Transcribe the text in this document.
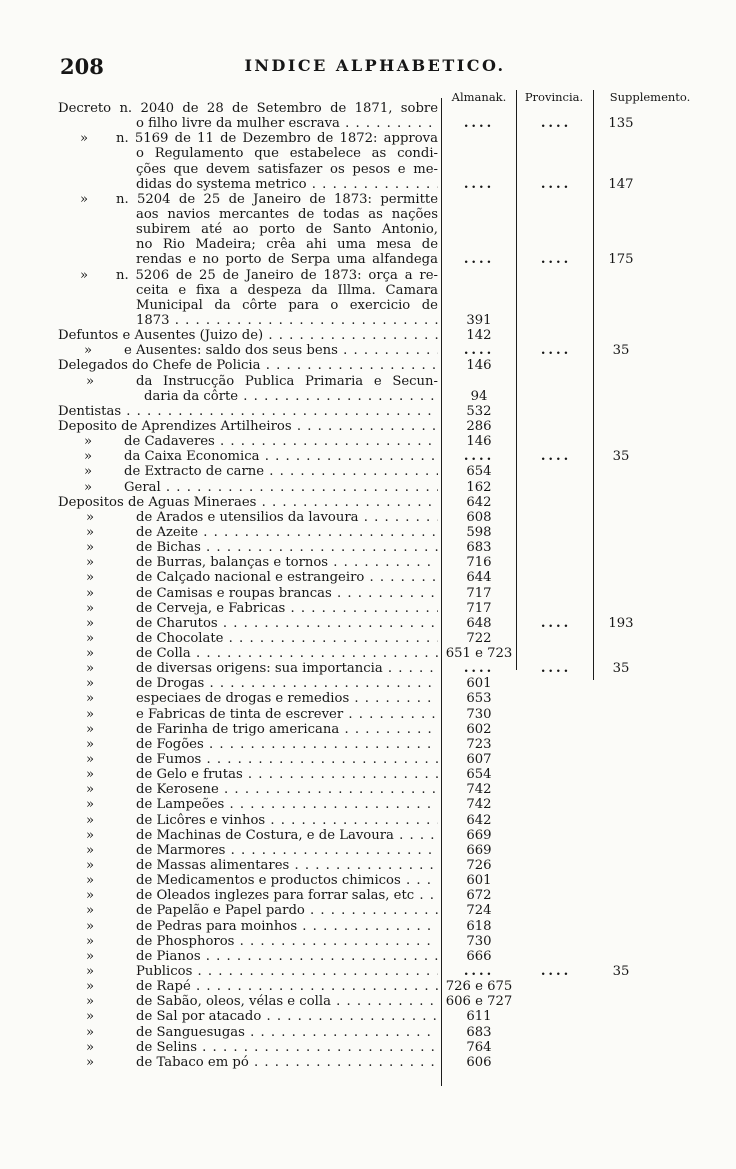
208	INDICE ALPHABETICO.
Almanak.	Provincia.	Supplemento.
Decreto n. 2040 de 28 de Setembro de 1871, sobre
o filho livre da mulher escrava . . .	....	....	135
» n. 5169 de 11 de Dezembro de 1872: approva
o Regulamento que estabelece as condi-
ções que devem satisfazer os pesos e me-
didas do systema metrico . . .	....	....	147
» n. 5204 de 25 de Janeiro de 1873: permitte
aos navios mercantes de todas as nações
subirem até ao porto de Santo Antonio,
no Rio Madeira; crêa ahi uma mesa de
rendas e no porto de Serpa uma alfandega	....	....	175
» n. 5206 de 25 de Janeiro de 1873: orça a re-
ceita e fixa a despeza da Illma. Camara
Municipal da côrte para o exercicio de
1873 . . .	391
Defuntos e Ausentes (Juizo de) . . .	142
» e Ausentes: saldo dos seus bens . . .	....	....	35
Delegados do Chefe de Policia . . .	146
»	da Instrucção Publica Primaria e Secun-
daria da côrte . . .	94
Dentistas . . .	532
Deposito de Aprendizes Artilheiros . . .	286
» de Cadaveres . . .	146
» da Caixa Economica . . .	....	....	35
» de Extracto de carne . . .	654
» Geral . . .	162
Depositos de Aguas Mineraes . . .	642
»	de Arados e utensilios da lavoura . . .	608
»	de Azeite . . .	598
»	de Bichas . . .	683
»	de Burras, balanças e tornos . . .	716
»	de Calçado nacional e estrangeiro . . .	644
»	de Camisas e roupas brancas . . .	717
»	de Cerveja, e Fabricas . . .	717
»	de Charutos . . .	648	....	193
»	de Chocolate . . .	722
»	de Colla . . .	651 e 723
»	de diversas origens: sua importancia . . .	....	....	35
»	de Drogas . . .	601
»	especiaes de drogas e remedios . . .	653
»	e Fabricas de tinta de escrever . . .	730
»	de Farinha de trigo americana . . .	602
»	de Fogões . . .	723
»	de Fumos . . .	607
»	de Gelo e frutas . . .	654
»	de Kerosene . . .	742
»	de Lampeões . . .	742
»	de Licôres e vinhos . . .	642
»	de Machinas de Costura, e de Lavoura . . .	669
»	de Marmores . . .	669
»	de Massas alimentares . . .	726
»	de Medicamentos e productos chimicos . . .	601
»	de Oleados inglezes para forrar salas, etc . . .	672
»	de Papelão e Papel pardo . . .	724
»	de Pedras para moinhos . . .	618
»	de Phosphoros . . .	730
»	de Pianos . . .	666
»	Publicos . . .	....	....	35
»	de Rapé . . .	726 e 675
»	de Sabão, oleos, vélas e colla . . .	606 e 727
»	de Sal por atacado . . .	611
»	de Sanguesugas . . .	683
»	de Selins . . .	764
»	de Tabaco em pó . . .	606
